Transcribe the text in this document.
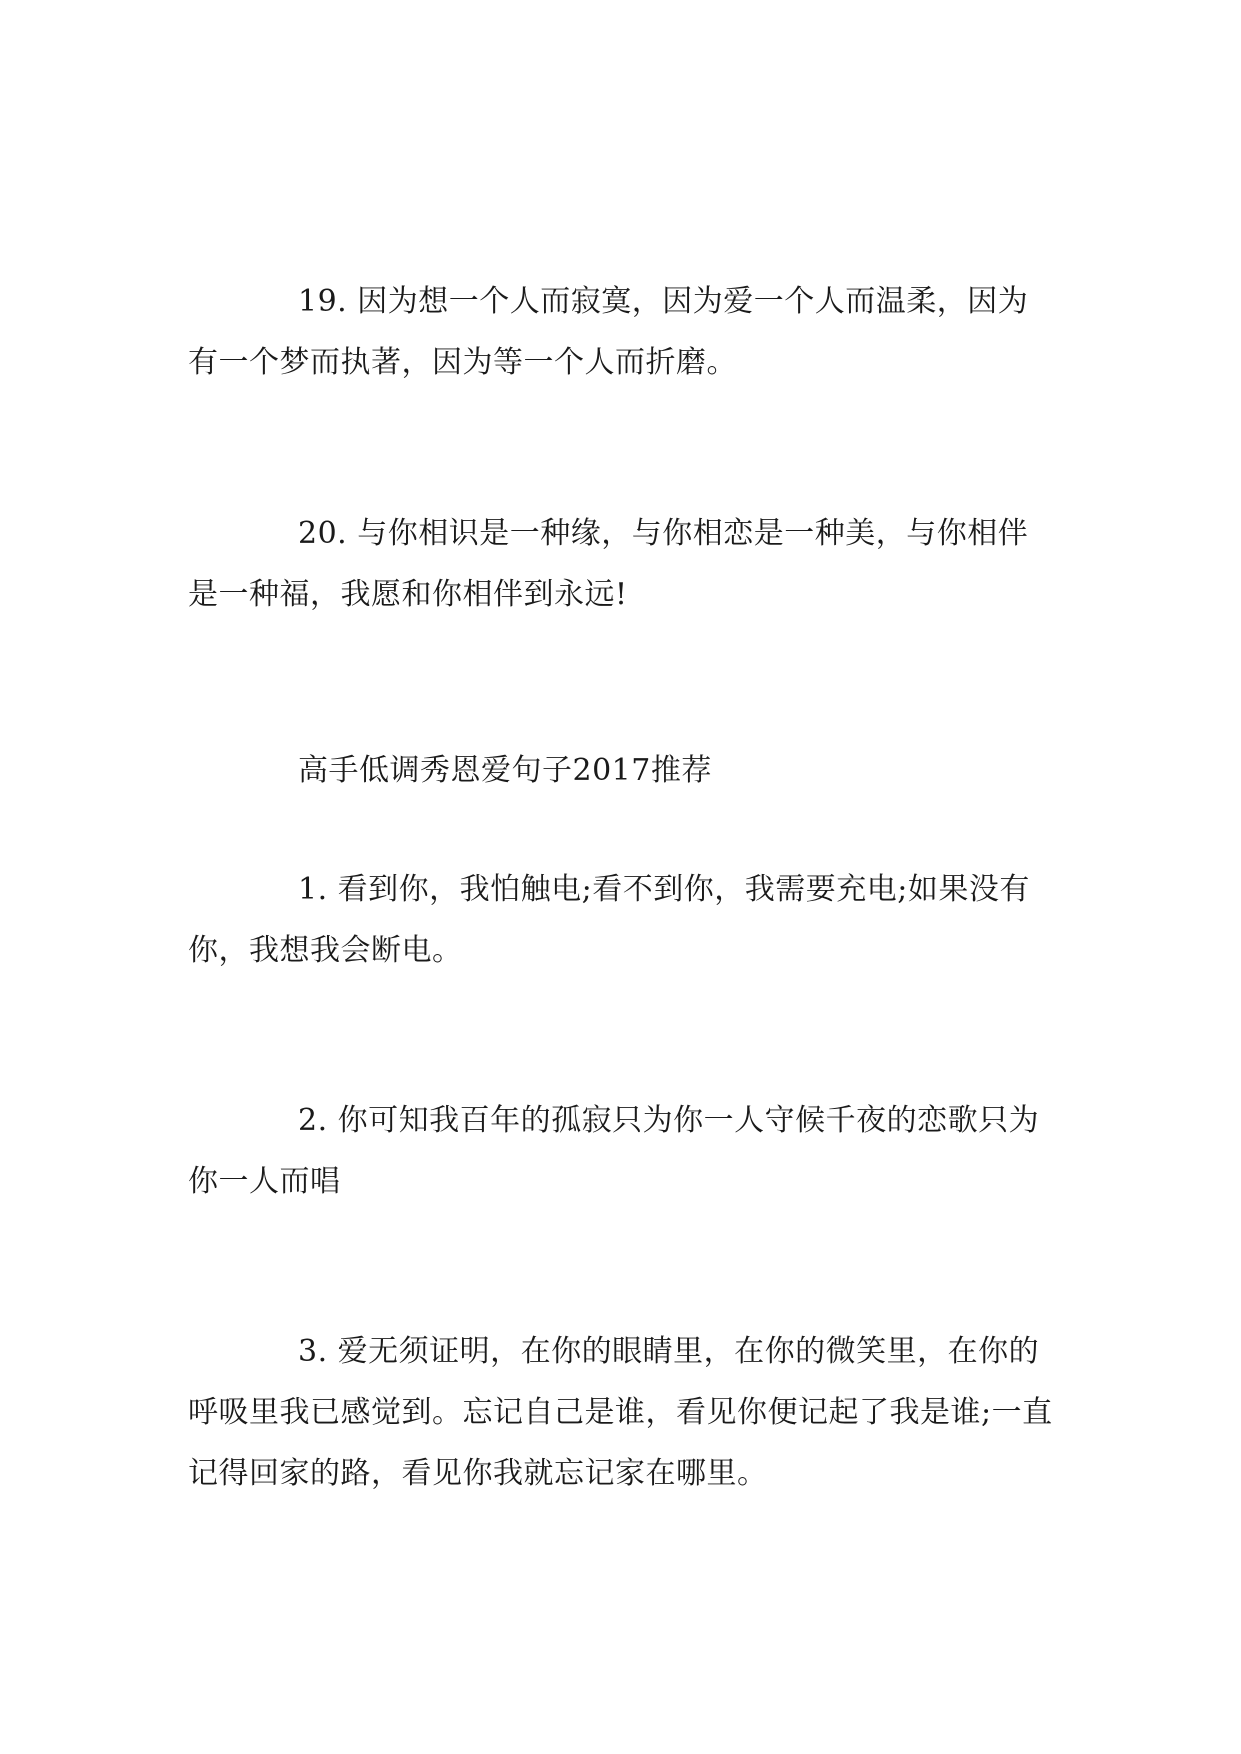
19. 因为想一个人而寂寞，因为爱一个人而温柔，因为有一个梦而执著，因为等一个人而折磨。

20. 与你相识是一种缘，与你相恋是一种美，与你相伴是一种福，我愿和你相伴到永远!

高手低调秀恩爱句子2017推荐

1. 看到你，我怕触电;看不到你，我需要充电;如果没有你，我想我会断电。

2. 你可知我百年的孤寂只为你一人守候千夜的恋歌只为你一人而唱

3. 爱无须证明，在你的眼睛里，在你的微笑里，在你的呼吸里我已感觉到。忘记自己是谁，看见你便记起了我是谁;一直记得回家的路，看见你我就忘记家在哪里。
